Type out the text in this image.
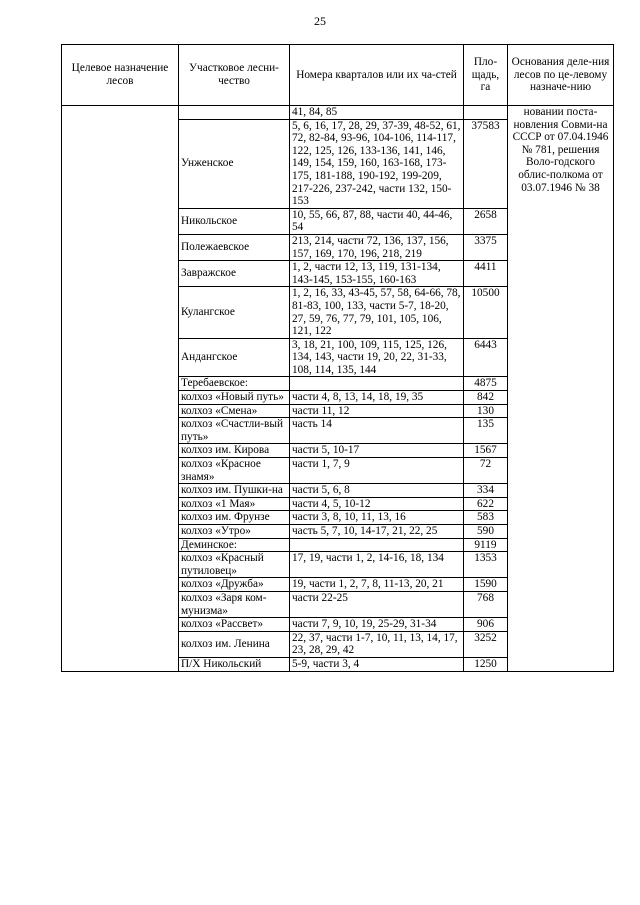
25
Целевое назначение лесов	Участковое лесни-чество	Номера кварталов или их ча-стей	Пло-щадь, га	Основания деле-ния лесов по це-левому назначе-нию
		41, 84, 85		новании поста-новления Совми-на СССР от 07.04.1946 № 781, решения Воло-годского облис-полкома от 03.07.1946 № 38
	Унженское	5, 6, 16, 17, 28, 29, 37-39, 48-52, 61, 72, 82-84, 93-96, 104-106, 114-117, 122, 125, 126, 133-136, 141, 146, 149, 154, 159, 160, 163-168, 173-175, 181-188, 190-192, 199-209, 217-226, 237-242, части 132, 150-153	37583	
	Никольское	10, 55, 66, 87, 88, части 40, 44-46, 54	2658	
	Полежаевское	213, 214, части 72, 136, 137, 156, 157, 169, 170, 196, 218, 219	3375	
	Завражское	1, 2, части 12, 13, 119, 131-134, 143-145, 153-155, 160-163	4411	
	Кулангское	1, 2, 16, 33, 43-45, 57, 58, 64-66, 78, 81-83, 100, 133, части 5-7, 18-20, 27, 59, 76, 77, 79, 101, 105, 106, 121, 122	10500	
	Андангское	3, 18, 21, 100, 109, 115, 125, 126, 134, 143, части 19, 20, 22, 31-33, 108, 114, 135, 144	6443	
	Теребаевское:		4875	
	колхоз «Новый путь»	части 4, 8, 13, 14, 18, 19, 35	842	
	колхоз «Смена»	части 11, 12	130	
	колхоз «Счастли-вый путь»	часть 14	135	
	колхоз им. Кирова	части 5, 10-17	1567	
	колхоз «Красное знамя»	части 1, 7, 9	72	
	колхоз им. Пушки-на	части 5, 6, 8	334	
	колхоз «1 Мая»	части 4, 5, 10-12	622	
	колхоз им. Фрунзе	части 3, 8, 10, 11, 13, 16	583	
	колхоз «Утро»	часть 5, 7, 10, 14-17, 21, 22, 25	590	
	Деминское:		9119	
	колхоз «Красный путиловец»	17, 19, части 1, 2, 14-16, 18, 134	1353	
	колхоз «Дружба»	19, части 1, 2, 7, 8, 11-13, 20, 21	1590	
	колхоз «Заря ком-мунизма»	части 22-25	768	
	колхоз «Рассвет»	части 7, 9, 10, 19, 25-29, 31-34	906	
	колхоз им. Ленина	22, 37, части 1-7, 10, 11, 13, 14, 17, 23, 28, 29, 42	3252	
	П/Х Никольский	5-9, части 3, 4	1250	
